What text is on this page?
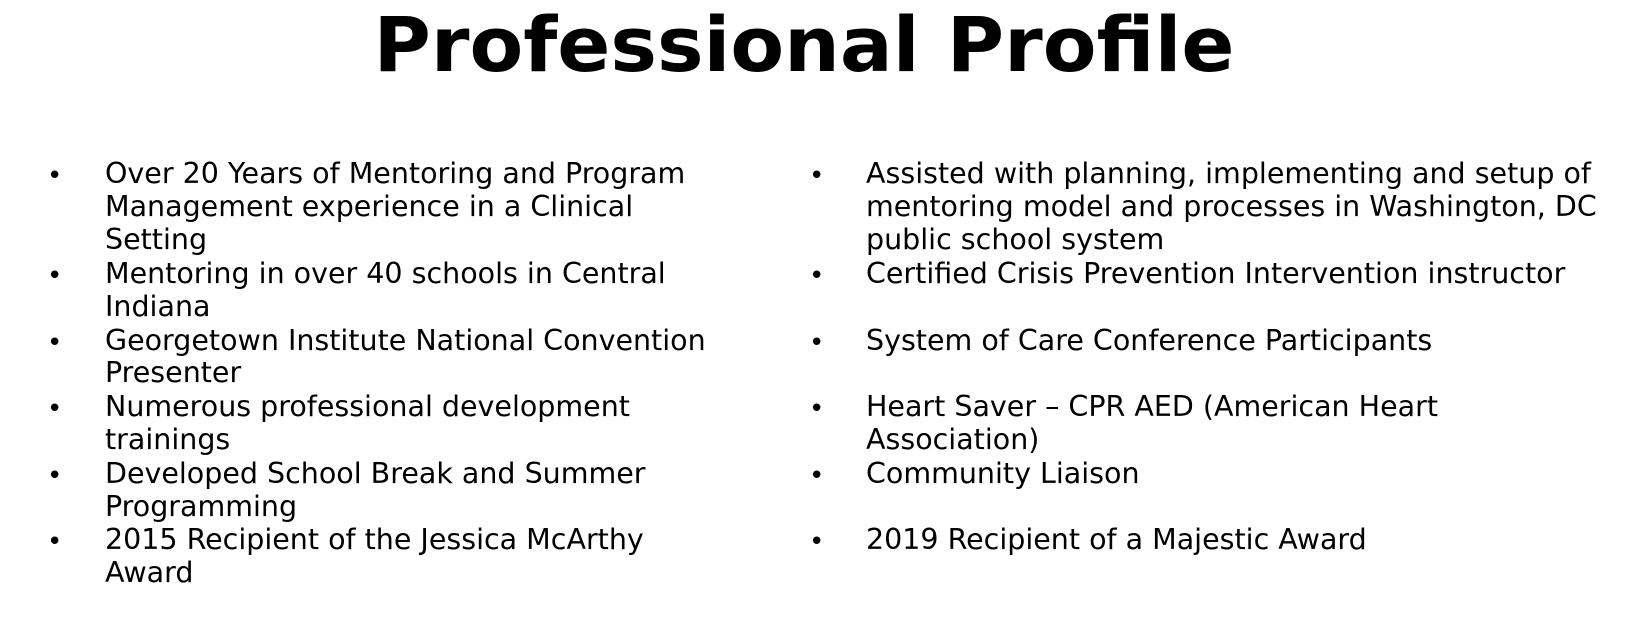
Professional Profile
• Over 20 Years of Mentoring and Program
Management experience in a Clinical
Setting
• Mentoring in over 40 schools in Central
Indiana
• Georgetown Institute National Convention
Presenter
• Numerous professional development
trainings
• Developed School Break and Summer
Programming
• 2015 Recipient of the Jessica McArthy
Award
• Assisted with planning, implementing and setup of
mentoring model and processes in Washington, DC
public school system
• Certified Crisis Prevention Intervention instructor
• System of Care Conference Participants
• Heart Saver – CPR AED (American Heart
Association)
• Community Liaison
• 2019 Recipient of a Majestic Award
